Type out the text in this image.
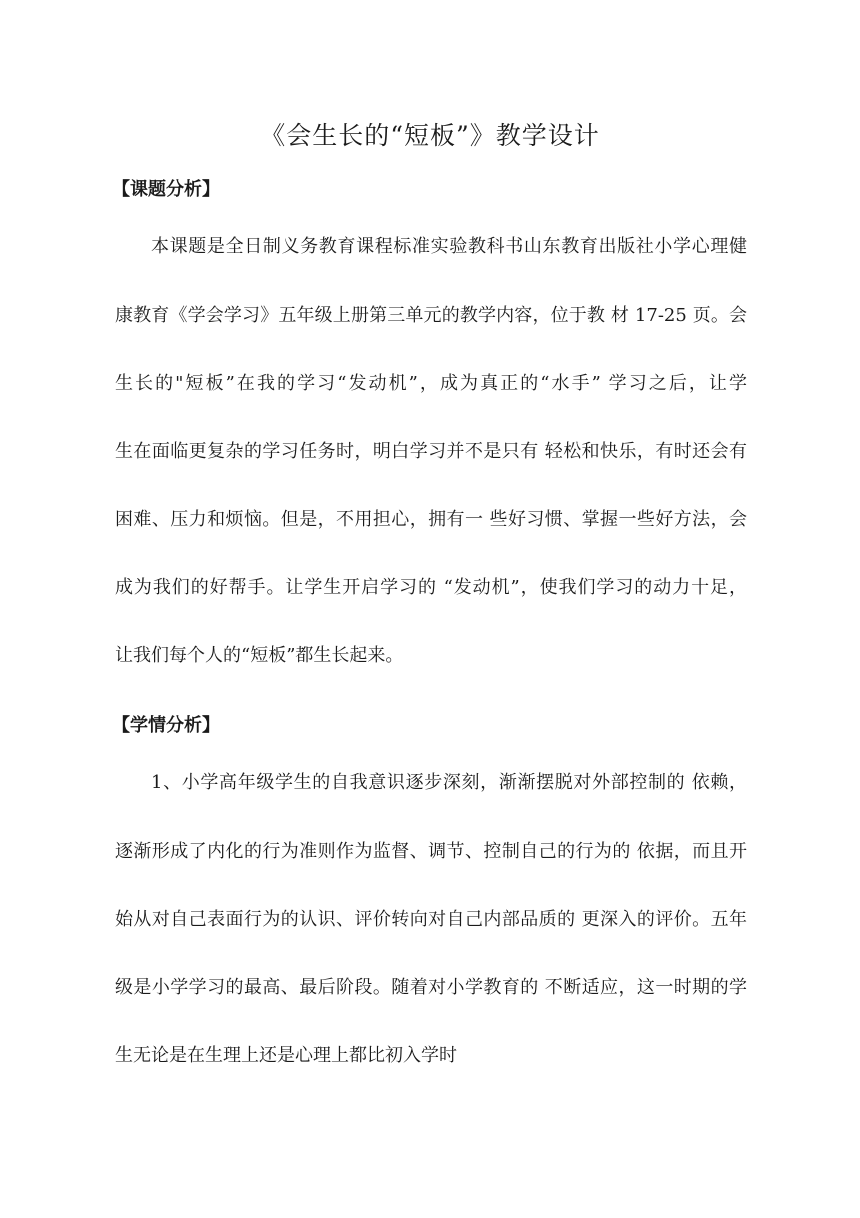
《会生长的“短板”》教学设计
【课题分析】
本课题是全日制义务教育课程标准实验教科书山东教育出版社小学心理健
康教育《学会学习》五年级上册第三单元的教学内容，位于教 材 17-25 页。会
生长的"短板”在我的学习“发动机”，成为真正的“水手” 学习之后，让学
生在面临更复杂的学习任务时，明白学习并不是只有 轻松和快乐，有时还会有
困难、压力和烦恼。但是，不用担心，拥有一 些好习惯、掌握一些好方法，会
成为我们的好帮手。让学生开启学习的 “发动机”，使我们学习的动力十足，
让我们每个人的“短板”都生长起来。
【学情分析】
1、小学高年级学生的自我意识逐步深刻，渐渐摆脱对外部控制的 依赖，
逐渐形成了内化的行为准则作为监督、调节、控制自己的行为的 依据，而且开
始从对自己表面行为的认识、评价转向对自己内部品质的 更深入的评价。五年
级是小学学习的最高、最后阶段。随着对小学教育的 不断适应，这一时期的学
生无论是在生理上还是心理上都比初入学时
